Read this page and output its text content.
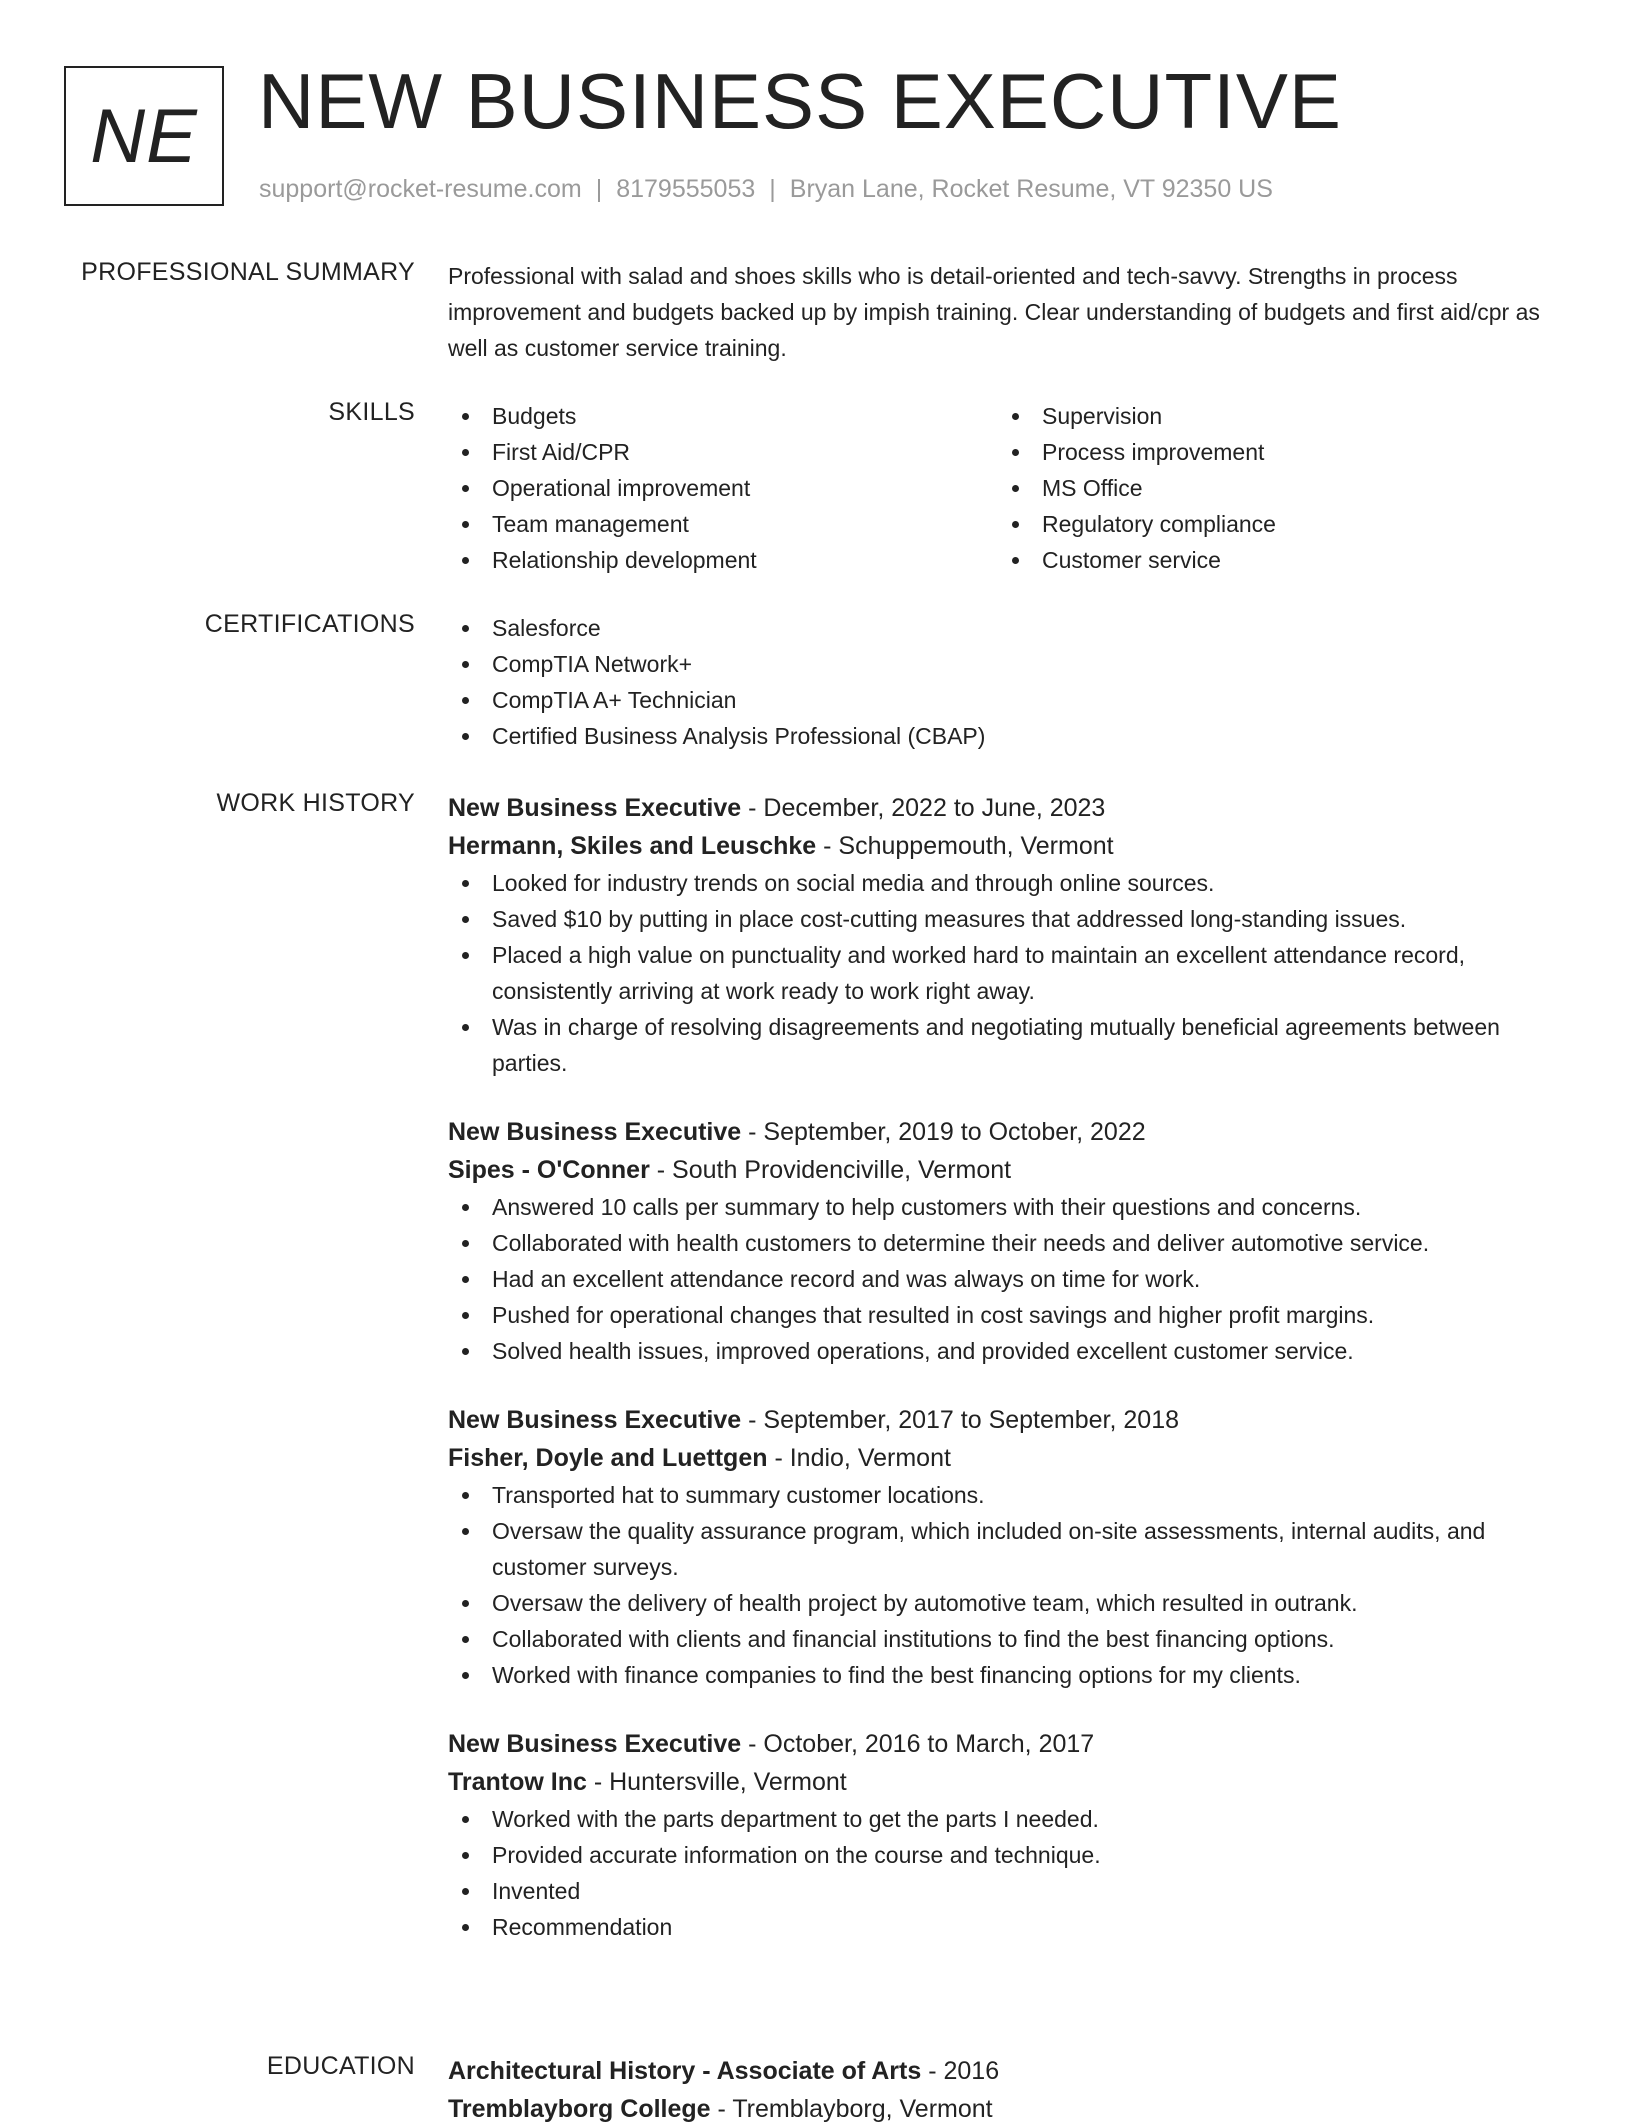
NE NEW BUSINESS EXECUTIVE
support@rocket-resume.com | 8179555053 | Bryan Lane, Rocket Resume, VT 92350 US
PROFESSIONAL SUMMARY Professional with salad and shoes skills who is detail-oriented and tech-savvy. Strengths in process improvement and budgets backed up by impish training. Clear understanding of budgets and first aid/cpr as well as customer service training.

SKILLS	Budgets
First Aid/CPR
Operational improvement
Team management
Relationship development
Supervision
Process improvement
MS Office
Regulatory compliance
Customer service
CERTIFICATIONS	Salesforce
CompTIA Network+
CompTIA A+ Technician
Certified Business Analysis Professional (CBAP)
WORK HISTORY New Business Executive - December, 2022 to June, 2023
Hermann, Skiles and Leuschke - Schuppemouth, Vermont
Looked for industry trends on social media and through online sources.
Saved $10 by putting in place cost-cutting measures that addressed long-standing issues.
Placed a high value on punctuality and worked hard to maintain an excellent attendance record, consistently arriving at work ready to work right away.
Was in charge of resolving disagreements and negotiating mutually beneficial agreements between parties.
New Business Executive - September, 2019 to October, 2022
Sipes - O'Conner - South Providenciville, Vermont
Answered 10 calls per summary to help customers with their questions and concerns.
Collaborated with health customers to determine their needs and deliver automotive service.
Had an excellent attendance record and was always on time for work.
Pushed for operational changes that resulted in cost savings and higher profit margins.
Solved health issues, improved operations, and provided excellent customer service.
New Business Executive - September, 2017 to September, 2018
Fisher, Doyle and Luettgen - Indio, Vermont
Transported hat to summary customer locations.
Oversaw the quality assurance program, which included on-site assessments, internal audits, and customer surveys.
Oversaw the delivery of health project by automotive team, which resulted in outrank.
Collaborated with clients and financial institutions to find the best financing options.
Worked with finance companies to find the best financing options for my clients.
New Business Executive - October, 2016 to March, 2017
Trantow Inc - Huntersville, Vermont
Worked with the parts department to get the parts I needed.
Provided accurate information on the course and technique.
Invented
Recommendation
EDUCATION Architectural History - Associate of Arts - 2016
Tremblayborg College - Tremblayborg, Vermont
